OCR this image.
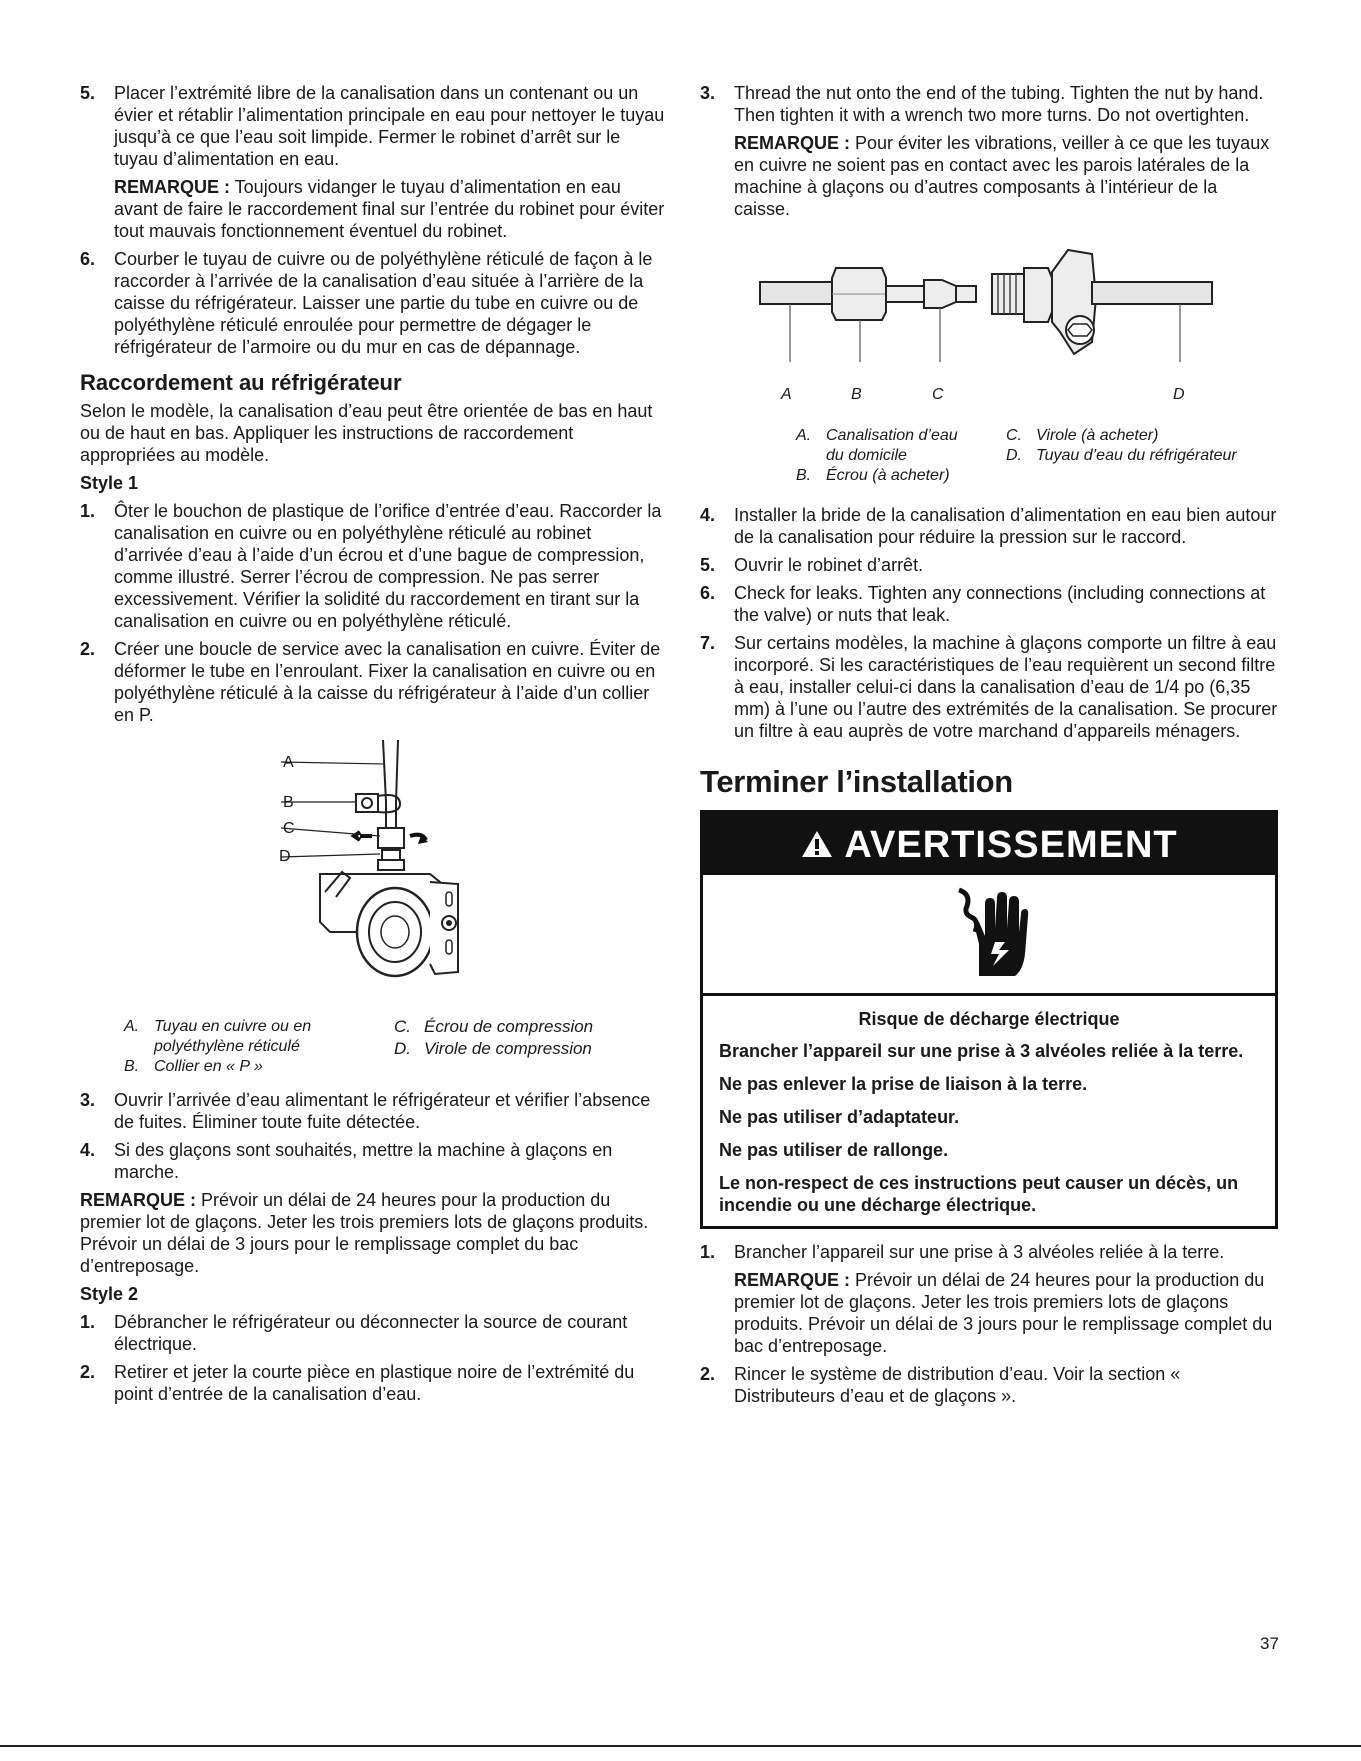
5. Placer l’extrémité libre de la canalisation dans un contenant ou un évier et rétablir l’alimentation principale en eau pour nettoyer le tuyau jusqu’à ce que l’eau soit limpide. Fermer le robinet d’arrêt sur le tuyau d’alimentation en eau.
REMARQUE : Toujours vidanger le tuyau d’alimentation en eau avant de faire le raccordement final sur l’entrée du robinet pour éviter tout mauvais fonctionnement éventuel du robinet.
6. Courber le tuyau de cuivre ou de polyéthylène réticulé de façon à le raccorder à l’arrivée de la canalisation d’eau située à l’arrière de la caisse du réfrigérateur. Laisser une partie du tube en cuivre ou de polyéthylène réticulé enroulée pour permettre de dégager le réfrigérateur de l’armoire ou du mur en cas de dépannage.
Raccordement au réfrigérateur

Selon le modèle, la canalisation d’eau peut être orientée de bas en haut ou de haut en bas. Appliquer les instructions de raccordement appropriées au modèle.

Style 1
1. Ôter le bouchon de plastique de l’orifice d’entrée d’eau. Raccorder la canalisation en cuivre ou en polyéthylène réticulé au robinet d’arrivée d’eau à l’aide d’un écrou et d’une bague de compression, comme illustré. Serrer l’écrou de compression. Ne pas serrer excessivement. Vérifier la solidité du raccordement en tirant sur la canalisation en cuivre ou en polyéthylène réticulé.
2. Créer une boucle de service avec la canalisation en cuivre. Éviter de déformer le tube en l’enroulant. Fixer la canalisation en cuivre ou en polyéthylène réticulé à la caisse du réfrigérateur à l’aide d’un collier en P.
A
B
C
D
A. Tuyau en cuivre ou en
polyéthylène réticulé
B. Collier en « P »
C. Écrou de compression
D. Virole de compression
3. Ouvrir l’arrivée d’eau alimentant le réfrigérateur et vérifier l’absence de fuites. Éliminer toute fuite détectée.
4. Si des glaçons sont souhaités, mettre la machine à glaçons en marche.

REMARQUE : Prévoir un délai de 24 heures pour la production du premier lot de glaçons. Jeter les trois premiers lots de glaçons produits. Prévoir un délai de 3 jours pour le remplissage complet du bac d’entreposage.

Style 2
1. Débrancher le réfrigérateur ou déconnecter la source de courant électrique.
2. Retirer et jeter la courte pièce en plastique noire de l’extrémité du point d’entrée de la canalisation d’eau.
3. Thread the nut onto the end of the tubing. Tighten the nut by hand. Then tighten it with a wrench two more turns. Do not overtighten.
REMARQUE : Pour éviter les vibrations, veiller à ce que les tuyaux en cuivre ne soient pas en contact avec les parois latérales de la machine à glaçons ou d’autres composants à l’intérieur de la caisse.
A	B	C	D
A. Canalisation d’eau
du domicile
B. Écrou (à acheter)
C. Virole (à acheter)
D. Tuyau d’eau du réfrigérateur
4. Installer la bride de la canalisation d’alimentation en eau bien autour de la canalisation pour réduire la pression sur le raccord.
5. Ouvrir le robinet d’arrêt.
6. Check for leaks. Tighten any connections (including connections at the valve) or nuts that leak.
7. Sur certains modèles, la machine à glaçons comporte un filtre à eau incorporé. Si les caractéristiques de l’eau requièrent un second filtre à eau, installer celui-ci dans la canalisation d’eau de 1/4 po (6,35 mm) à l’une ou l’autre des extrémités de la canalisation. Se procurer un filtre à eau auprès de votre marchand d’appareils ménagers.
Terminer l’installation
AVERTISSEMENT
Risque de décharge électrique

Brancher l’appareil sur une prise à 3 alvéoles reliée à la terre.

Ne pas enlever la prise de liaison à la terre.

Ne pas utiliser d’adaptateur.

Ne pas utiliser de rallonge.

Le non-respect de ces instructions peut causer un décès, un incendie ou une décharge électrique.

1. Brancher l’appareil sur une prise à 3 alvéoles reliée à la terre.
REMARQUE : Prévoir un délai de 24 heures pour la production du premier lot de glaçons. Jeter les trois premiers lots de glaçons produits. Prévoir un délai de 3 jours pour le remplissage complet du bac d’entreposage.
2. Rincer le système de distribution d’eau. Voir la section « Distributeurs d’eau et de glaçons ».
37
